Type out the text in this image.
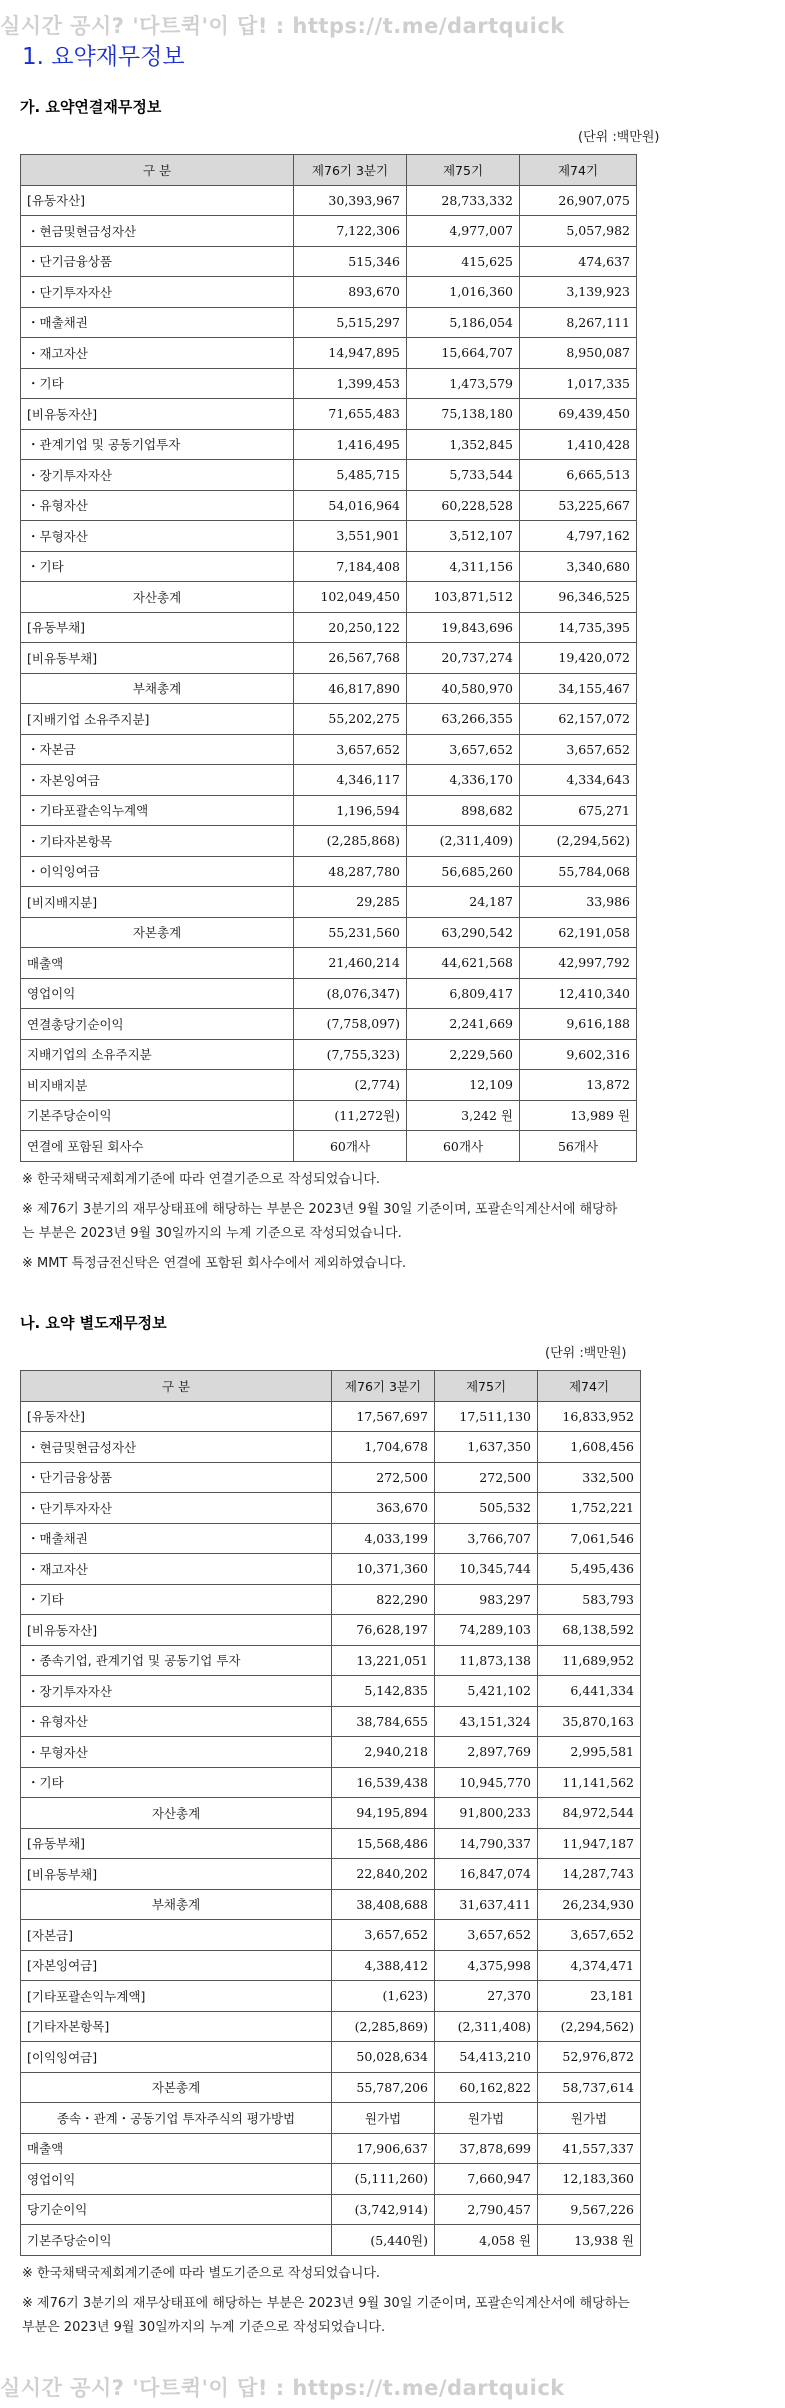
실시간 공시? '다트퀵'이 답! : https://t.me/dartquick
1. 요약재무정보
가. 요약연결재무정보
(단위 :백만원)
구 분	제76기 3분기	제75기	제74기
[유동자산]	30,393,967	28,733,332	26,907,075
・현금및현금성자산	7,122,306	4,977,007	5,057,982
・단기금융상품	515,346	415,625	474,637
・단기투자자산	893,670	1,016,360	3,139,923
・매출채권	5,515,297	5,186,054	8,267,111
・재고자산	14,947,895	15,664,707	8,950,087
・기타	1,399,453	1,473,579	1,017,335
[비유동자산]	71,655,483	75,138,180	69,439,450
・관계기업 및 공동기업투자	1,416,495	1,352,845	1,410,428
・장기투자자산	5,485,715	5,733,544	6,665,513
・유형자산	54,016,964	60,228,528	53,225,667
・무형자산	3,551,901	3,512,107	4,797,162
・기타	7,184,408	4,311,156	3,340,680
자산총계	102,049,450	103,871,512	96,346,525
[유동부채]	20,250,122	19,843,696	14,735,395
[비유동부채]	26,567,768	20,737,274	19,420,072
부채총계	46,817,890	40,580,970	34,155,467
[지배기업 소유주지분]	55,202,275	63,266,355	62,157,072
・자본금	3,657,652	3,657,652	3,657,652
・자본잉여금	4,346,117	4,336,170	4,334,643
・기타포괄손익누계액	1,196,594	898,682	675,271
・기타자본항목	(2,285,868)	(2,311,409)	(2,294,562)
・이익잉여금	48,287,780	56,685,260	55,784,068
[비지배지분]	29,285	24,187	33,986
자본총계	55,231,560	63,290,542	62,191,058
매출액	21,460,214	44,621,568	42,997,792
영업이익	(8,076,347)	6,809,417	12,410,340
연결총당기순이익	(7,758,097)	2,241,669	9,616,188
지배기업의 소유주지분	(7,755,323)	2,229,560	9,602,316
비지배지분	(2,774)	12,109	13,872
기본주당순이익	(11,272원)	3,242 원	13,989 원
연결에 포함된 회사수	60개사	60개사	56개사

※ 한국채택국제회계기준에 따라 연결기준으로 작성되었습니다.

※ 제76기 3분기의 재무상태표에 해당하는 부분은 2023년 9월 30일 기준이며, 포괄손익계산서에 해당하는 부분은 2023년 9월 30일까지의 누계 기준으로 작성되었습니다.

※ MMT 특정금전신탁은 연결에 포함된 회사수에서 제외하였습니다.

나. 요약 별도재무정보
(단위 :백만원)
구 분	제76기 3분기	제75기	제74기
[유동자산]	17,567,697	17,511,130	16,833,952
・현금및현금성자산	1,704,678	1,637,350	1,608,456
・단기금융상품	272,500	272,500	332,500
・단기투자자산	363,670	505,532	1,752,221
・매출채권	4,033,199	3,766,707	7,061,546
・재고자산	10,371,360	10,345,744	5,495,436
・기타	822,290	983,297	583,793
[비유동자산]	76,628,197	74,289,103	68,138,592
・종속기업, 관계기업 및 공동기업 투자	13,221,051	11,873,138	11,689,952
・장기투자자산	5,142,835	5,421,102	6,441,334
・유형자산	38,784,655	43,151,324	35,870,163
・무형자산	2,940,218	2,897,769	2,995,581
・기타	16,539,438	10,945,770	11,141,562
자산총계	94,195,894	91,800,233	84,972,544
[유동부채]	15,568,486	14,790,337	11,947,187
[비유동부채]	22,840,202	16,847,074	14,287,743
부채총계	38,408,688	31,637,411	26,234,930
[자본금]	3,657,652	3,657,652	3,657,652
[자본잉여금]	4,388,412	4,375,998	4,374,471
[기타포괄손익누계액]	(1,623)	27,370	23,181
[기타자본항목]	(2,285,869)	(2,311,408)	(2,294,562)
[이익잉여금]	50,028,634	54,413,210	52,976,872
자본총계	55,787,206	60,162,822	58,737,614
종속・관계・공동기업 투자주식의 평가방법	원가법	원가법	원가법
매출액	17,906,637	37,878,699	41,557,337
영업이익	(5,111,260)	7,660,947	12,183,360
당기순이익	(3,742,914)	2,790,457	9,567,226
기본주당순이익	(5,440원)	4,058 원	13,938 원

※ 한국채택국제회계기준에 따라 별도기준으로 작성되었습니다.

※ 제76기 3분기의 재무상태표에 해당하는 부분은 2023년 9월 30일 기준이며, 포괄손익계산서에 해당하는 부분은 2023년 9월 30일까지의 누계 기준으로 작성되었습니다.

실시간 공시? '다트퀵'이 답! : https://t.me/dartquick
